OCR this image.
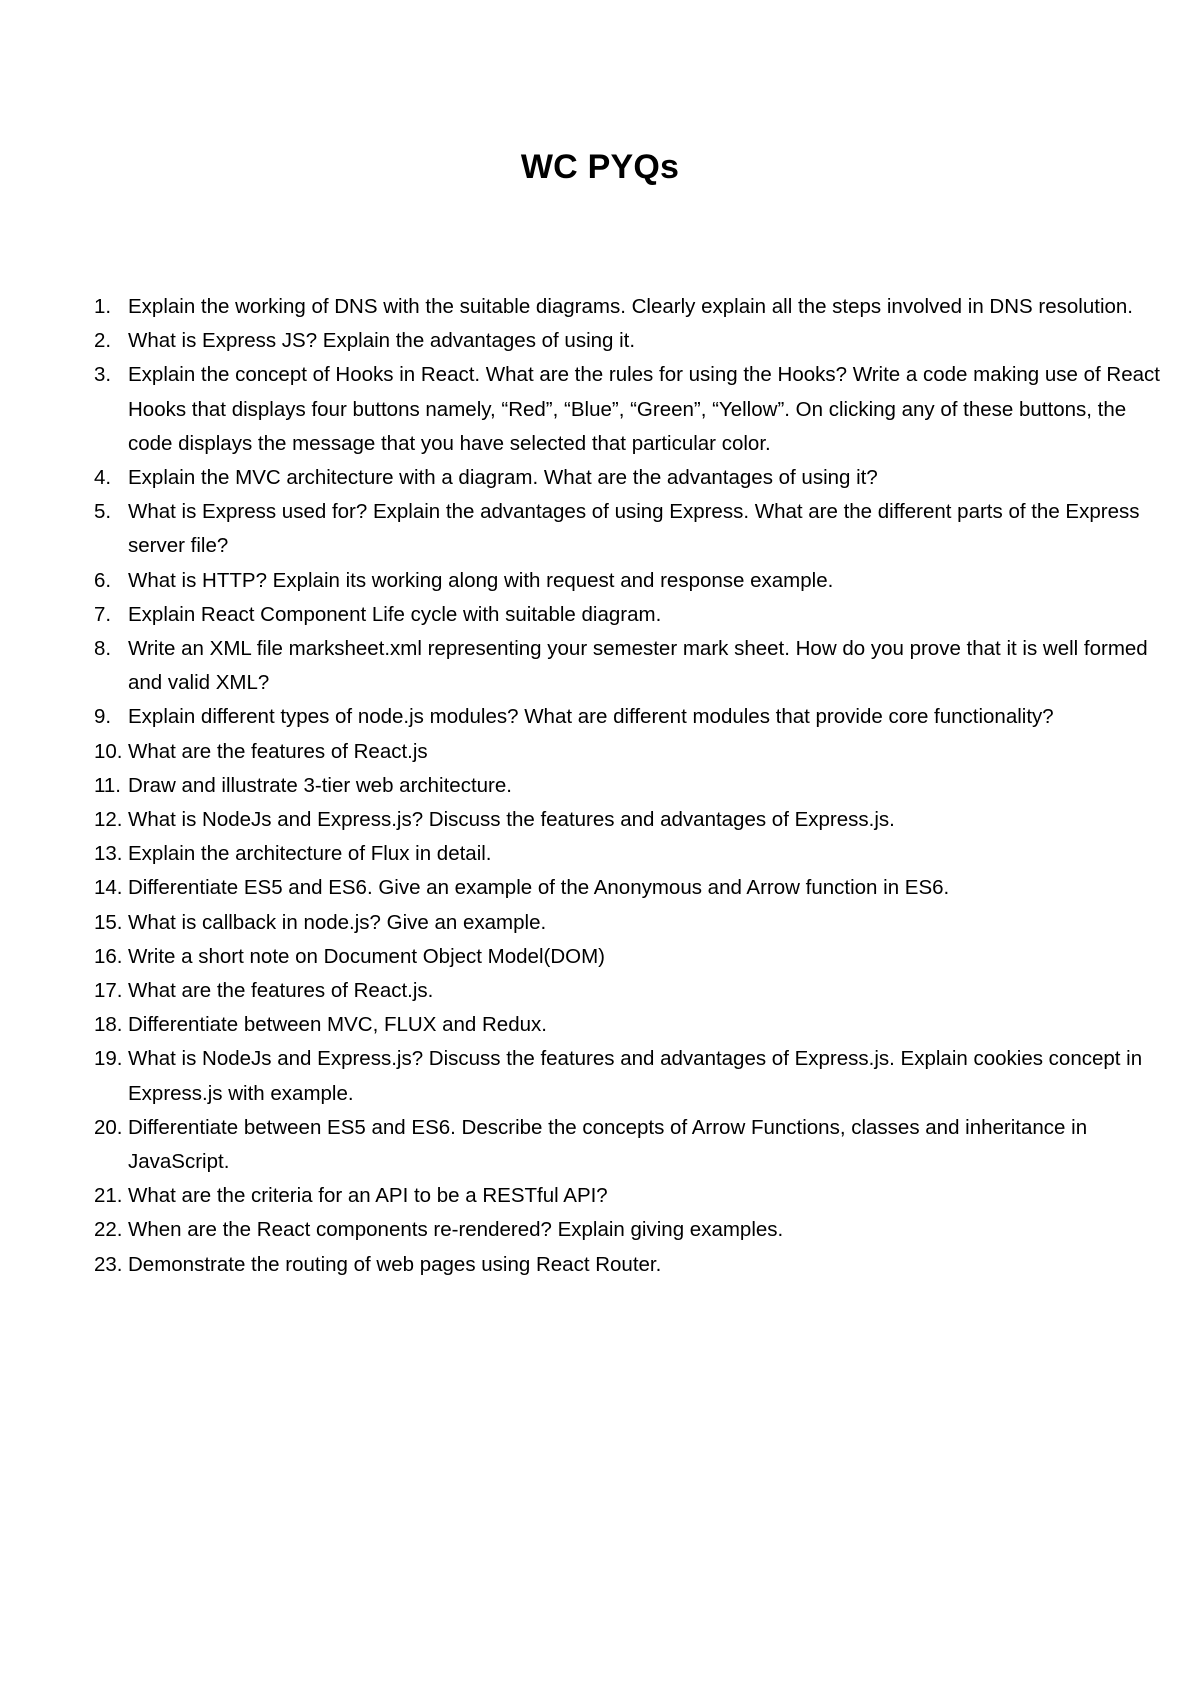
WC PYQs
1. Explain the working of DNS with the suitable diagrams. Clearly explain all the steps involved in DNS resolution.
2. What is Express JS? Explain the advantages of using it.
3. Explain the concept of Hooks in React. What are the rules for using the Hooks? Write a code making use of React Hooks that displays four buttons namely, “Red”, “Blue”, “Green”, “Yellow”. On clicking any of these buttons, the code displays the message that you have selected that particular color.
4. Explain the MVC architecture with a diagram. What are the advantages of using it?
5. What is Express used for? Explain the advantages of using Express. What are the different parts of the Express server file?
6. What is HTTP? Explain its working along with request and response example.
7. Explain React Component Life cycle with suitable diagram.
8. Write an XML file marksheet.xml representing your semester mark sheet. How do you prove that it is well formed and valid XML?
9. Explain different types of node.js modules? What are different modules that provide core functionality?
10. What are the features of React.js
11. Draw and illustrate 3-tier web architecture.
12. What is NodeJs and Express.js? Discuss the features and advantages of Express.js.
13. Explain the architecture of Flux in detail.
14. Differentiate ES5 and ES6. Give an example of the Anonymous and Arrow function in ES6.
15. What is callback in node.js? Give an example.
16. Write a short note on Document Object Model(DOM)
17. What are the features of React.js.
18. Differentiate between MVC, FLUX and Redux.
19. What is NodeJs and Express.js? Discuss the features and advantages of Express.js. Explain cookies concept in Express.js with example.
20. Differentiate between ES5 and ES6. Describe the concepts of Arrow Functions, classes and inheritance in JavaScript.
21. What are the criteria for an API to be a RESTful API?
22. When are the React components re-rendered? Explain giving examples.
23. Demonstrate the routing of web pages using React Router.
